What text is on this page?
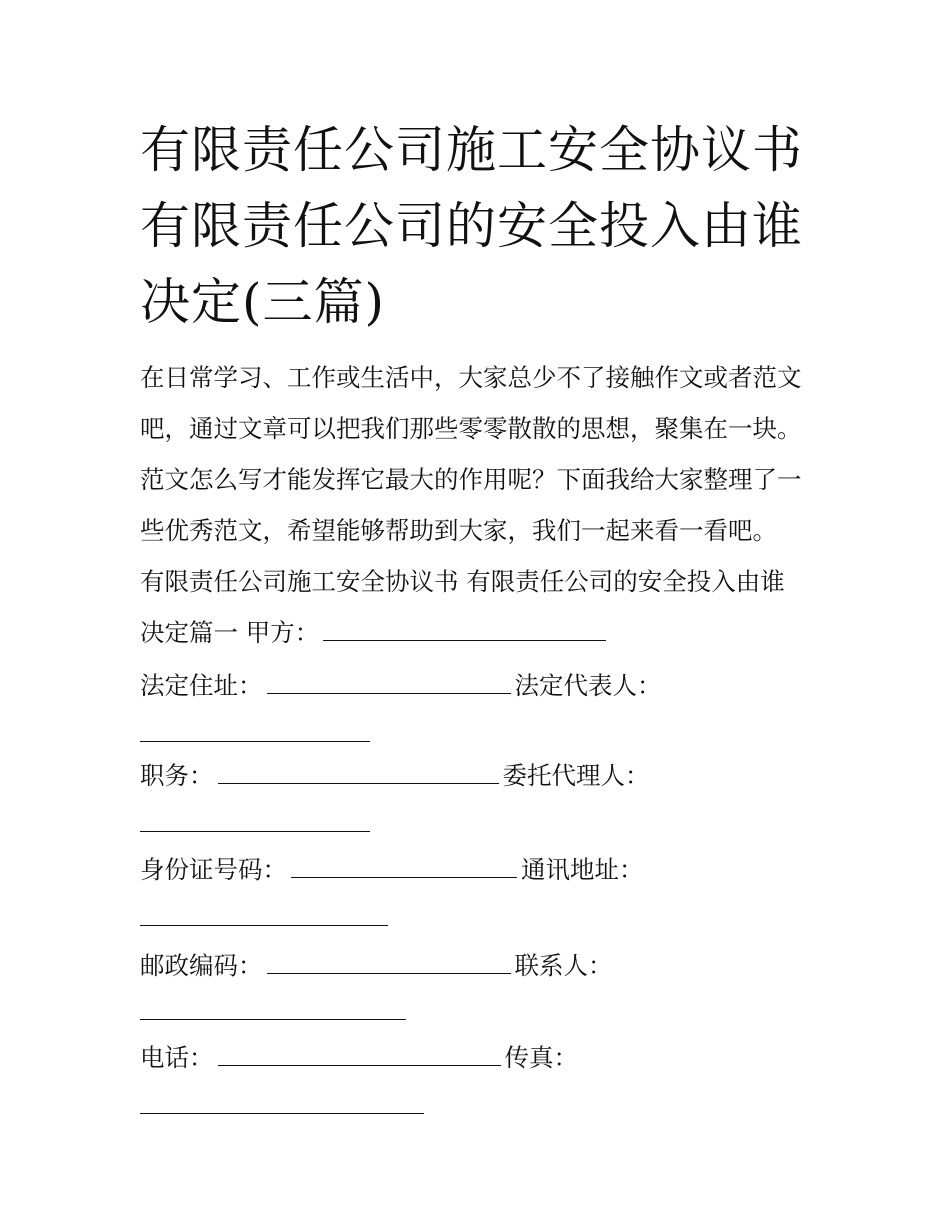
有限责任公司施工安全协议书
有限责任公司的安全投入由谁
决定(三篇)
在日常学习、工作或生活中，大家总少不了接触作文或者范文
吧，通过文章可以把我们那些零零散散的思想，聚集在一块。
范文怎么写才能发挥它最大的作用呢？下面我给大家整理了一
些优秀范文，希望能够帮助到大家，我们一起来看一看吧。
有限责任公司施工安全协议书 有限责任公司的安全投入由谁
决定篇一 甲方：
法定住址：	法定代表人：
职务：	委托代理人：
身份证号码：	通讯地址：
邮政编码：	联系人：
电话：	传真：
